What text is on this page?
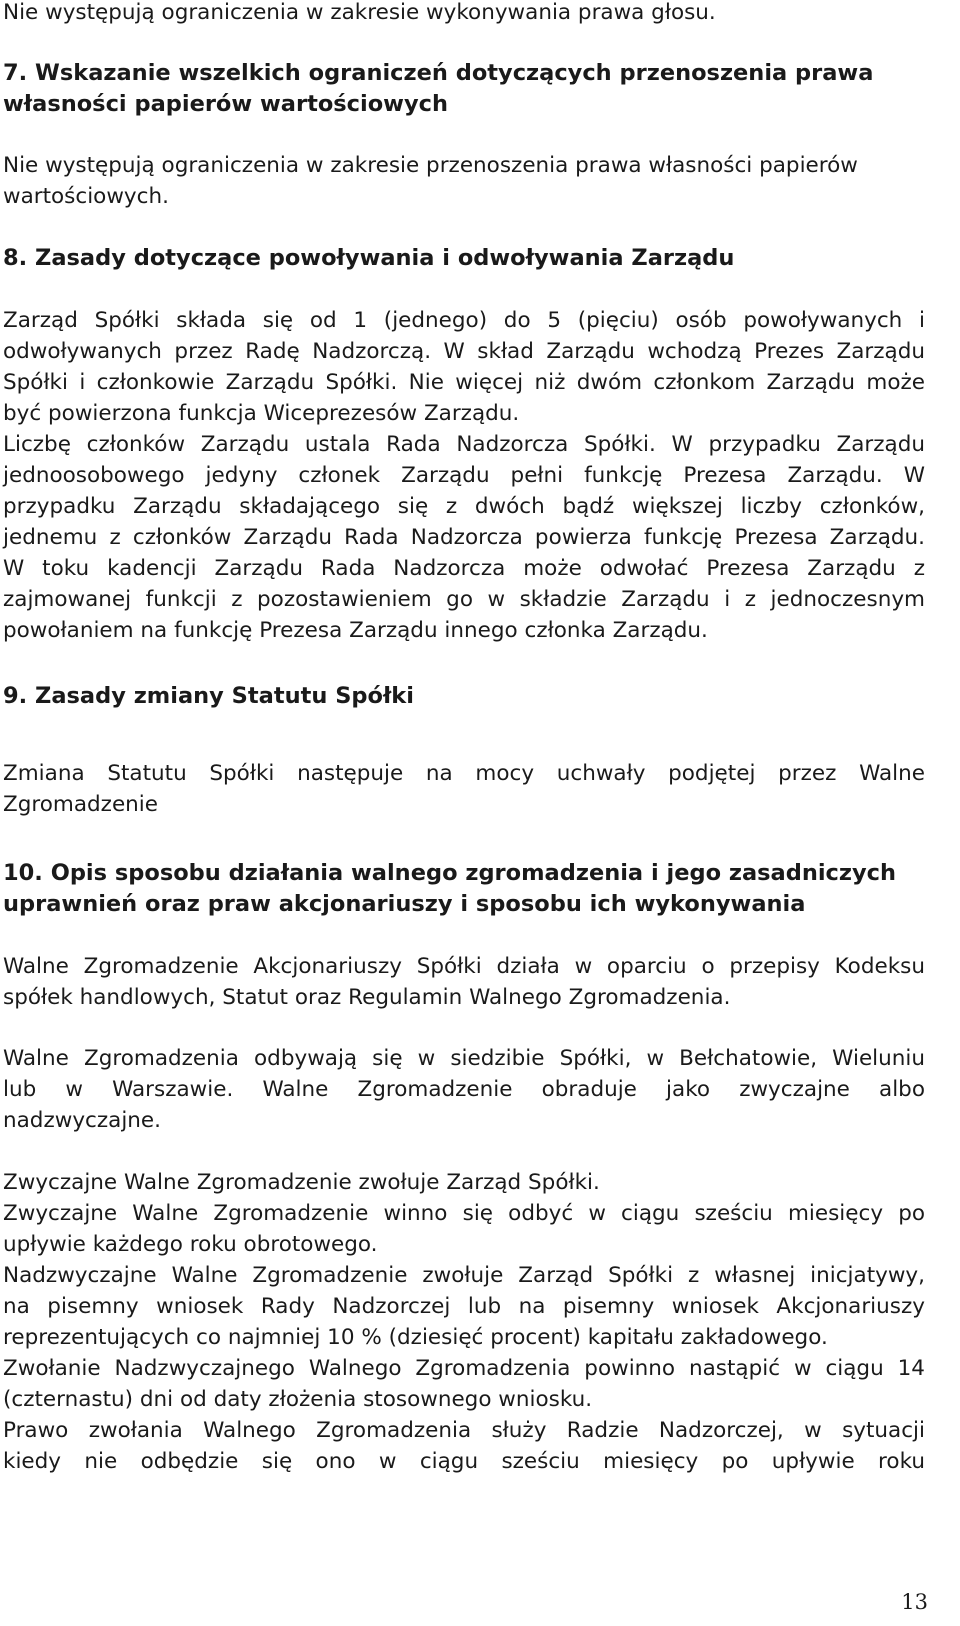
Nie występują ograniczenia w zakresie wykonywania prawa głosu.

7. Wskazanie wszelkich ograniczeń dotyczących przenoszenia prawa
własności papierów wartościowych

Nie występują ograniczenia w zakresie przenoszenia prawa własności papierów

wartościowych.

8. Zasady dotyczące powoływania i odwoływania Zarządu

Zarząd Spółki składa się od 1 (jednego) do 5 (pięciu) osób powoływanych i

odwoływanych przez Radę Nadzorczą. W skład Zarządu wchodzą Prezes Zarządu

Spółki i członkowie Zarządu Spółki. Nie więcej niż dwóm członkom Zarządu może

być powierzona funkcja Wiceprezesów Zarządu.

Liczbę członków Zarządu ustala Rada Nadzorcza Spółki. W przypadku Zarządu

jednoosobowego jedyny członek Zarządu pełni funkcję Prezesa Zarządu. W

przypadku Zarządu składającego się z dwóch bądź większej liczby członków,

jednemu z członków Zarządu Rada Nadzorcza powierza funkcję Prezesa Zarządu.

W toku kadencji Zarządu Rada Nadzorcza może odwołać Prezesa Zarządu z

zajmowanej funkcji z pozostawieniem go w składzie Zarządu i z jednoczesnym

powołaniem na funkcję Prezesa Zarządu innego członka Zarządu.

9. Zasady zmiany Statutu Spółki

Zmiana Statutu Spółki następuje na mocy uchwały podjętej przez Walne

Zgromadzenie

10. Opis sposobu działania walnego zgromadzenia i jego zasadniczych
uprawnień oraz praw akcjonariuszy i sposobu ich wykonywania

Walne Zgromadzenie Akcjonariuszy Spółki działa w oparciu o przepisy Kodeksu

spółek handlowych, Statut oraz Regulamin Walnego Zgromadzenia.

Walne Zgromadzenia odbywają się w siedzibie Spółki, w Bełchatowie, Wieluniu

lub w Warszawie. Walne Zgromadzenie obraduje jako zwyczajne albo

nadzwyczajne.

Zwyczajne Walne Zgromadzenie zwołuje Zarząd Spółki.

Zwyczajne Walne Zgromadzenie winno się odbyć w ciągu sześciu miesięcy po

upływie każdego roku obrotowego.

Nadzwyczajne Walne Zgromadzenie zwołuje Zarząd Spółki z własnej inicjatywy,

na pisemny wniosek Rady Nadzorczej lub na pisemny wniosek Akcjonariuszy

reprezentujących co najmniej 10 % (dziesięć procent) kapitału zakładowego.

Zwołanie Nadzwyczajnego Walnego Zgromadzenia powinno nastąpić w ciągu 14

(czternastu) dni od daty złożenia stosownego wniosku.

Prawo zwołania Walnego Zgromadzenia służy Radzie Nadzorczej, w sytuacji

kiedy nie odbędzie się ono w ciągu sześciu miesięcy po upływie roku

13
